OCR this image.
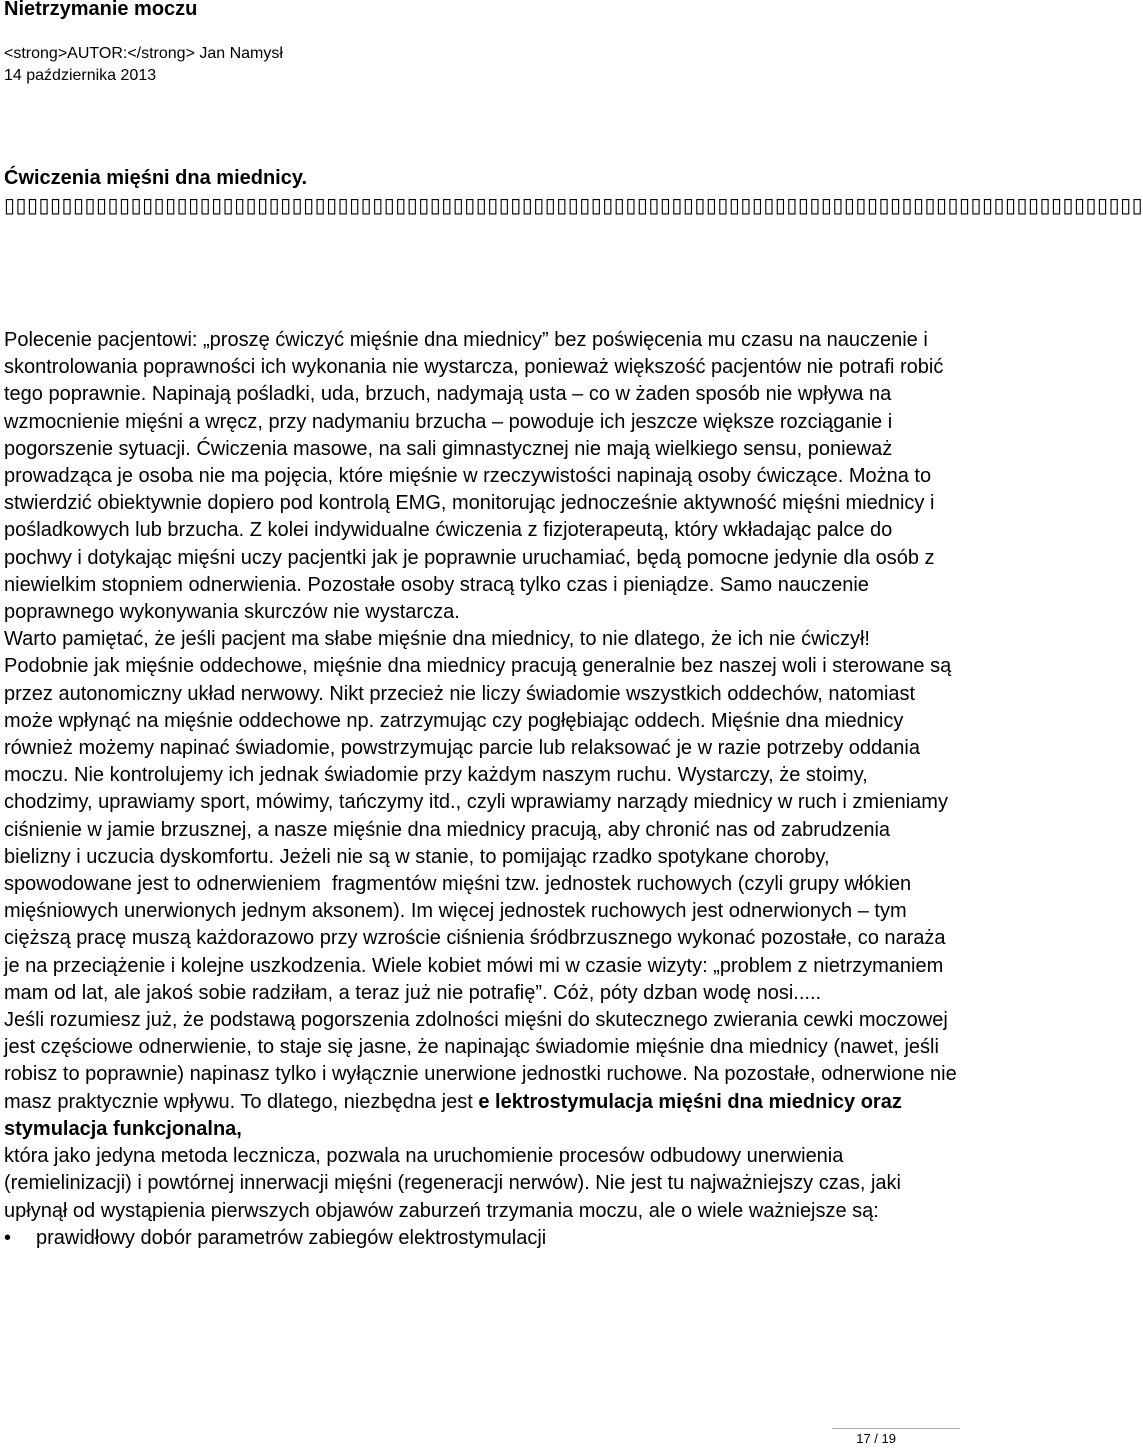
Nietrzymanie moczu
<strong>AUTOR:</strong> Jan Namysł
14 października 2013
Ćwiczenia mięśni dna miednicy. ▯▯▯▯▯▯▯▯▯▯▯▯▯▯▯▯▯▯▯▯▯▯▯▯▯▯▯▯▯▯▯▯▯▯▯▯▯▯▯▯▯▯▯▯▯▯▯▯▯▯▯▯▯▯▯▯▯▯▯▯▯▯▯▯▯▯▯▯▯▯▯▯▯▯▯▯▯▯▯▯▯▯▯▯▯▯▯▯▯▯▯▯▯▯▯▯▯▯▯

Polecenie pacjentowi: „proszę ćwiczyć mięśnie dna miednicy” bez poświęcenia mu czasu na nauczenie i skontrolowania poprawności ich wykonania nie wystarcza, ponieważ większość pacjentów nie potrafi robić tego poprawnie. Napinają pośladki, uda, brzuch, nadymają usta – co w żaden sposób nie wpływa na wzmocnienie mięśni a wręcz, przy nadymaniu brzucha – powoduje ich jeszcze większe rozciąganie i pogorszenie sytuacji. Ćwiczenia masowe, na sali gimnastycznej nie mają wielkiego sensu, ponieważ prowadząca je osoba nie ma pojęcia, które mięśnie w rzeczywistości napinają osoby ćwiczące. Można to stwierdzić obiektywnie dopiero pod kontrolą EMG, monitorując jednocześnie aktywność mięśni miednicy i pośladkowych lub brzucha. Z kolei indywidualne ćwiczenia z fizjoterapeutą, który wkładając palce do pochwy i dotykając mięśni uczy pacjentki jak je poprawnie uruchamiać, będą pomocne jedynie dla osób z niewielkim stopniem odnerwienia. Pozostałe osoby stracą tylko czas i pieniądze. Samo nauczenie poprawnego wykonywania skurczów nie wystarcza.

Warto pamiętać, że jeśli pacjent ma słabe mięśnie dna miednicy, to nie dlatego, że ich nie ćwiczył! Podobnie jak mięśnie oddechowe, mięśnie dna miednicy pracują generalnie bez naszej woli i sterowane są przez autonomiczny układ nerwowy. Nikt przecież nie liczy świadomie wszystkich oddechów, natomiast może wpłynąć na mięśnie oddechowe np. zatrzymując czy pogłębiając oddech. Mięśnie dna miednicy również możemy napinać świadomie, powstrzymując parcie lub relaksować je w razie potrzeby oddania moczu. Nie kontrolujemy ich jednak świadomie przy każdym naszym ruchu. Wystarczy, że stoimy, chodzimy, uprawiamy sport, mówimy, tańczymy itd., czyli wprawiamy narządy miednicy w ruch i zmieniamy ciśnienie w jamie brzusznej, a nasze mięśnie dna miednicy pracują, aby chronić nas od zabrudzenia bielizny i uczucia dyskomfortu. Jeżeli nie są w stanie, to pomijając rzadko spotykane choroby, spowodowane jest to odnerwieniem  fragmentów mięśni tzw. jednostek ruchowych (czyli grupy włókien mięśniowych unerwionych jednym aksonem). Im więcej jednostek ruchowych jest odnerwionych – tym cięższą pracę muszą każdorazowo przy wzroście ciśnienia śródbrzusznego wykonać pozostałe, co naraża je na przeciążenie i kolejne uszkodzenia. Wiele kobiet mówi mi w czasie wizyty: „problem z nietrzymaniem mam od lat, ale jakoś sobie radziłam, a teraz już nie potrafię”. Cóż, póty dzban wodę nosi.....

Jeśli rozumiesz już, że podstawą pogorszenia zdolności mięśni do skutecznego zwierania cewki moczowej jest częściowe odnerwienie, to staje się jasne, że napinając świadomie mięśnie dna miednicy (nawet, jeśli robisz to poprawnie) napinasz tylko i wyłącznie unerwione jednostki ruchowe. Na pozostałe, odnerwione nie masz praktycznie wpływu. To dlatego, niezbędna jest e lektrostymulacja mięśni dna miednicy oraz stymulacja funkcjonalna,

która jako jedyna metoda lecznicza, pozwala na uruchomienie procesów odbudowy unerwienia (remielinizacji) i powtórnej innerwacji mięśni (regeneracji nerwów). Nie jest tu najważniejszy czas, jaki upłynął od wystąpienia pierwszych objawów zaburzeń trzymania moczu, ale o wiele ważniejsze są:

• prawidłowy dobór parametrów zabiegów elektrostymulacji
17 / 19
